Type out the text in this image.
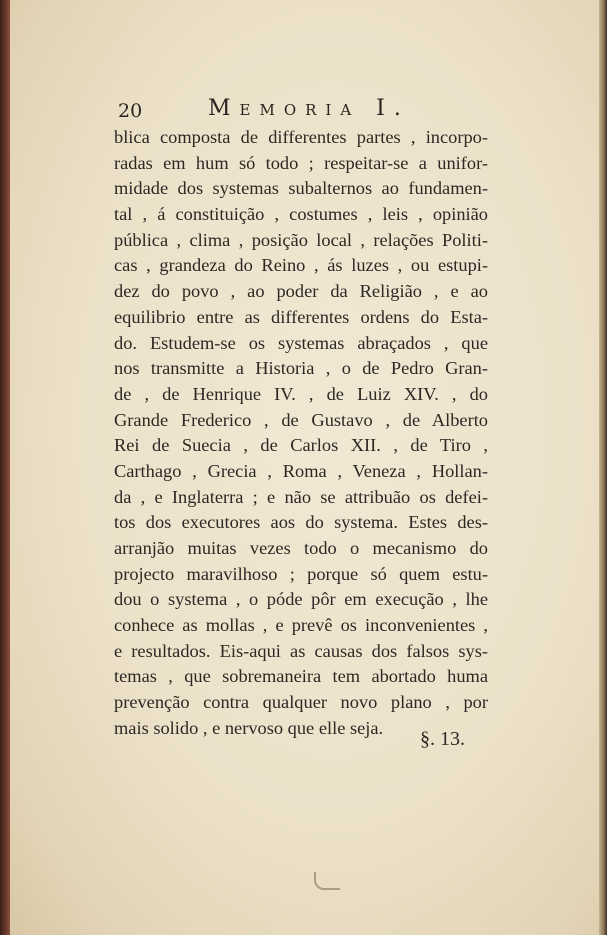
20	Memoria I.
blica composta de differentes partes , incorpo-
radas em hum só todo ; respeitar-se a unifor-
midade dos systemas subalternos ao fundamen-
tal , á constituição , costumes , leis , opinião
pública , clima , posição local , relações Politi-
cas , grandeza do Reino , ás luzes , ou estupi-
dez do povo , ao poder da Religião , e ao
equilibrio entre as differentes ordens do Esta-
do. Estudem-se os systemas abraçados , que
nos transmitte a Historia , o de Pedro Gran-
de , de Henrique IV. , de Luiz XIV. , do
Grande Frederico , de Gustavo , de Alberto
Rei de Suecia , de Carlos XII. , de Tiro ,
Carthago , Grecia , Roma , Veneza , Hollan-
da , e Inglaterra ; e não se attribuão os defei-
tos dos executores aos do systema. Estes des-
arranjão muitas vezes todo o mecanismo do
projecto maravilhoso ; porque só quem estu-
dou o systema , o póde pôr em execução , lhe
conhece as mollas , e prevê os inconvenientes ,
e resultados. Eis-aqui as causas dos falsos sys-
temas , que sobremaneira tem abortado huma
prevenção contra qualquer novo plano , por
mais solido , e nervoso que elle seja.
§. 13.
